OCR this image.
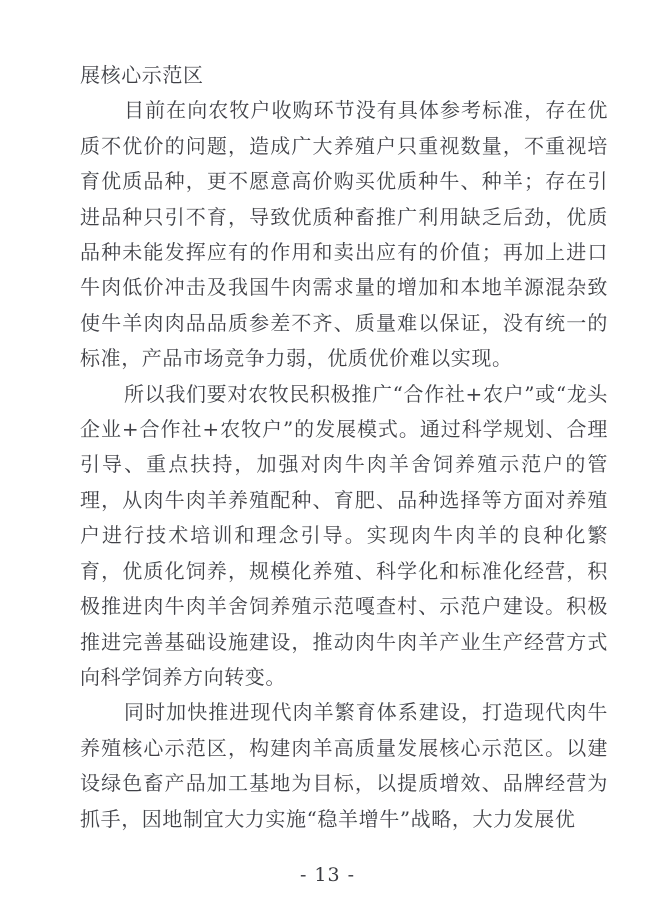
展核心示范区

目前在向农牧户收购环节没有具体参考标准，存在优质不优价的问题，造成广大养殖户只重视数量，不重视培育优质品种，更不愿意高价购买优质种牛、种羊；存在引进品种只引不育，导致优质种畜推广利用缺乏后劲，优质品种未能发挥应有的作用和卖出应有的价值；再加上进口牛肉低价冲击及我国牛肉需求量的增加和本地羊源混杂致使牛羊肉肉品品质参差不齐、质量难以保证，没有统一的标准，产品市场竞争力弱，优质优价难以实现。

所以我们要对农牧民积极推广“合作社+农户”或“龙头企业+合作社+农牧户”的发展模式。通过科学规划、合理引导、重点扶持，加强对肉牛肉羊舍饲养殖示范户的管理，从肉牛肉羊养殖配种、育肥、品种选择等方面对养殖户进行技术培训和理念引导。实现肉牛肉羊的良种化繁育，优质化饲养，规模化养殖、科学化和标准化经营，积极推进肉牛肉羊舍饲养殖示范嘎查村、示范户建设。积极推进完善基础设施建设，推动肉牛肉羊产业生产经营方式向科学饲养方向转变。

同时加快推进现代肉羊繁育体系建设，打造现代肉牛养殖核心示范区，构建肉羊高质量发展核心示范区。以建设绿色畜产品加工基地为目标，以提质增效、品牌经营为抓手，因地制宜大力实施“稳羊增牛”战略，大力发展优

- 13 -
